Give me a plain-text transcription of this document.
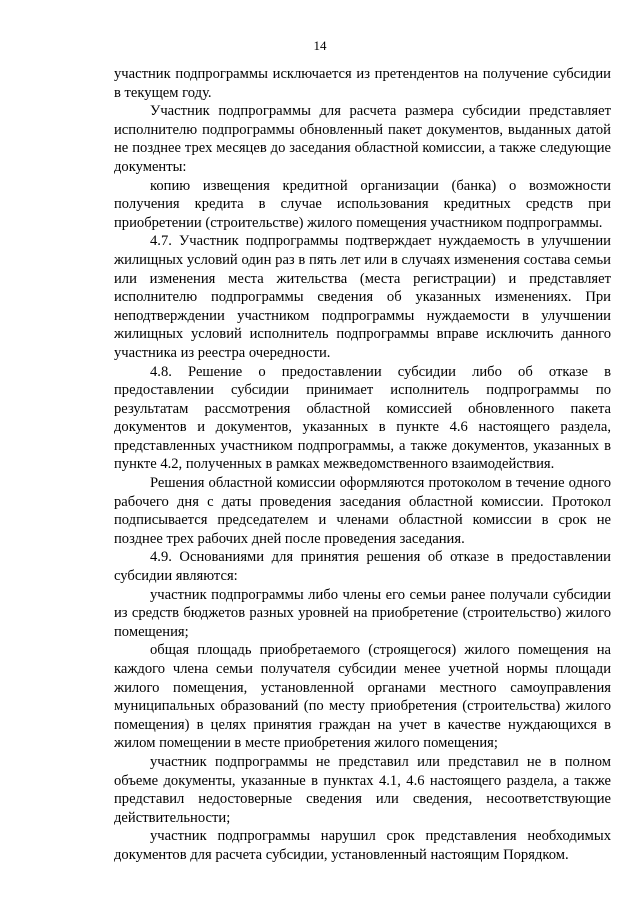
14

участник подпрограммы исключается из претендентов на получение субсидии в текущем году.

Участник подпрограммы для расчета размера субсидии представляет исполнителю подпрограммы обновленный пакет документов, выданных датой не позднее трех месяцев до заседания областной комиссии, а также следующие документы:

копию извещения кредитной организации (банка) о возможности получения кредита в случае использования кредитных средств при приобретении (строительстве) жилого помещения участником подпрограммы.

4.7. Участник подпрограммы подтверждает нуждаемость в улучшении жилищных условий один раз в пять лет или в случаях изменения состава семьи или изменения места жительства (места регистрации) и представляет исполнителю подпрограммы сведения об указанных изменениях. При неподтверждении участником подпрограммы нуждаемости в улучшении жилищных условий исполнитель подпрограммы вправе исключить данного участника из реестра очередности.

4.8. Решение о предоставлении субсидии либо об отказе в предоставлении субсидии принимает исполнитель подпрограммы по результатам рассмотрения областной комиссией обновленного пакета документов и документов, указанных в пункте 4.6 настоящего раздела, представленных участником подпрограммы, а также документов, указанных в пункте 4.2, полученных в рамках межведомственного взаимодействия.

Решения областной комиссии оформляются протоколом в течение одного рабочего дня с даты проведения заседания областной комиссии. Протокол подписывается председателем и членами областной комиссии в срок не позднее трех рабочих дней после проведения заседания.

4.9. Основаниями для принятия решения об отказе в предоставлении субсидии являются:

участник подпрограммы либо члены его семьи ранее получали субсидии из средств бюджетов разных уровней на приобретение (строительство) жилого помещения;

общая площадь приобретаемого (строящегося) жилого помещения на каждого члена семьи получателя субсидии менее учетной нормы площади жилого помещения, установленной органами местного самоуправления муниципальных образований (по месту приобретения (строительства) жилого помещения) в целях принятия граждан на учет в качестве нуждающихся в жилом помещении в месте приобретения жилого помещения;

участник подпрограммы не представил или представил не в полном объеме документы, указанные в пунктах 4.1, 4.6 настоящего раздела, а также представил недостоверные сведения или сведения, несоответствующие действительности;

участник подпрограммы нарушил срок представления необходимых документов для расчета субсидии, установленный настоящим Порядком.
